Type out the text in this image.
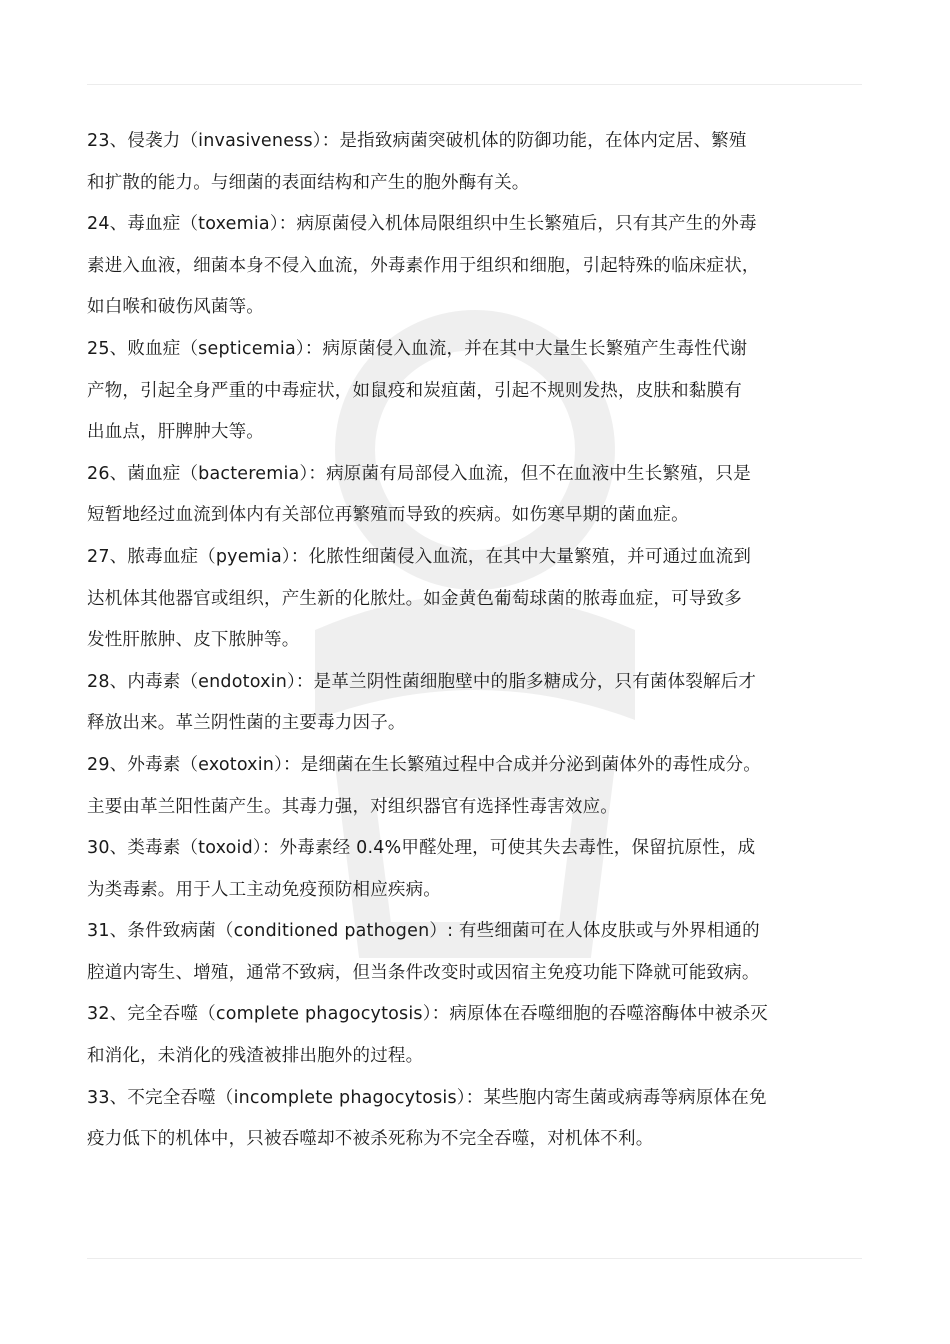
23、侵袭力（invasiveness）：是指致病菌突破机体的防御功能，在体内定居、繁殖
和扩散的能力。与细菌的表面结构和产生的胞外酶有关。
24、毒血症（toxemia）：病原菌侵入机体局限组织中生长繁殖后，只有其产生的外毒
素进入血液，细菌本身不侵入血流，外毒素作用于组织和细胞，引起特殊的临床症状，
如白喉和破伤风菌等。
25、败血症（septicemia）：病原菌侵入血流，并在其中大量生长繁殖产生毒性代谢
产物，引起全身严重的中毒症状，如鼠疫和炭疽菌，引起不规则发热，皮肤和黏膜有
出血点，肝脾肿大等。
26、菌血症（bacteremia）：病原菌有局部侵入血流，但不在血液中生长繁殖，只是
短暂地经过血流到体内有关部位再繁殖而导致的疾病。如伤寒早期的菌血症。
27、脓毒血症（pyemia）：化脓性细菌侵入血流，在其中大量繁殖，并可通过血流到
达机体其他器官或组织，产生新的化脓灶。如金黄色葡萄球菌的脓毒血症，可导致多
发性肝脓肿、皮下脓肿等。
28、内毒素（endotoxin）：是革兰阴性菌细胞壁中的脂多糖成分，只有菌体裂解后才
释放出来。革兰阴性菌的主要毒力因子。
29、外毒素（exotoxin）：是细菌在生长繁殖过程中合成并分泌到菌体外的毒性成分。
主要由革兰阳性菌产生。其毒力强，对组织器官有选择性毒害效应。
30、类毒素（toxoid）：外毒素经 0.4%甲醛处理，可使其失去毒性，保留抗原性，成
为类毒素。用于人工主动免疫预防相应疾病。
31、条件致病菌（conditioned pathogen）: 有些细菌可在人体皮肤或与外界相通的
腔道内寄生、增殖，通常不致病，但当条件改变时或因宿主免疫功能下降就可能致病。
32、完全吞噬（complete phagocytosis）：病原体在吞噬细胞的吞噬溶酶体中被杀灭
和消化，未消化的残渣被排出胞外的过程。
33、不完全吞噬（incomplete phagocytosis）：某些胞内寄生菌或病毒等病原体在免
疫力低下的机体中，只被吞噬却不被杀死称为不完全吞噬，对机体不利。
